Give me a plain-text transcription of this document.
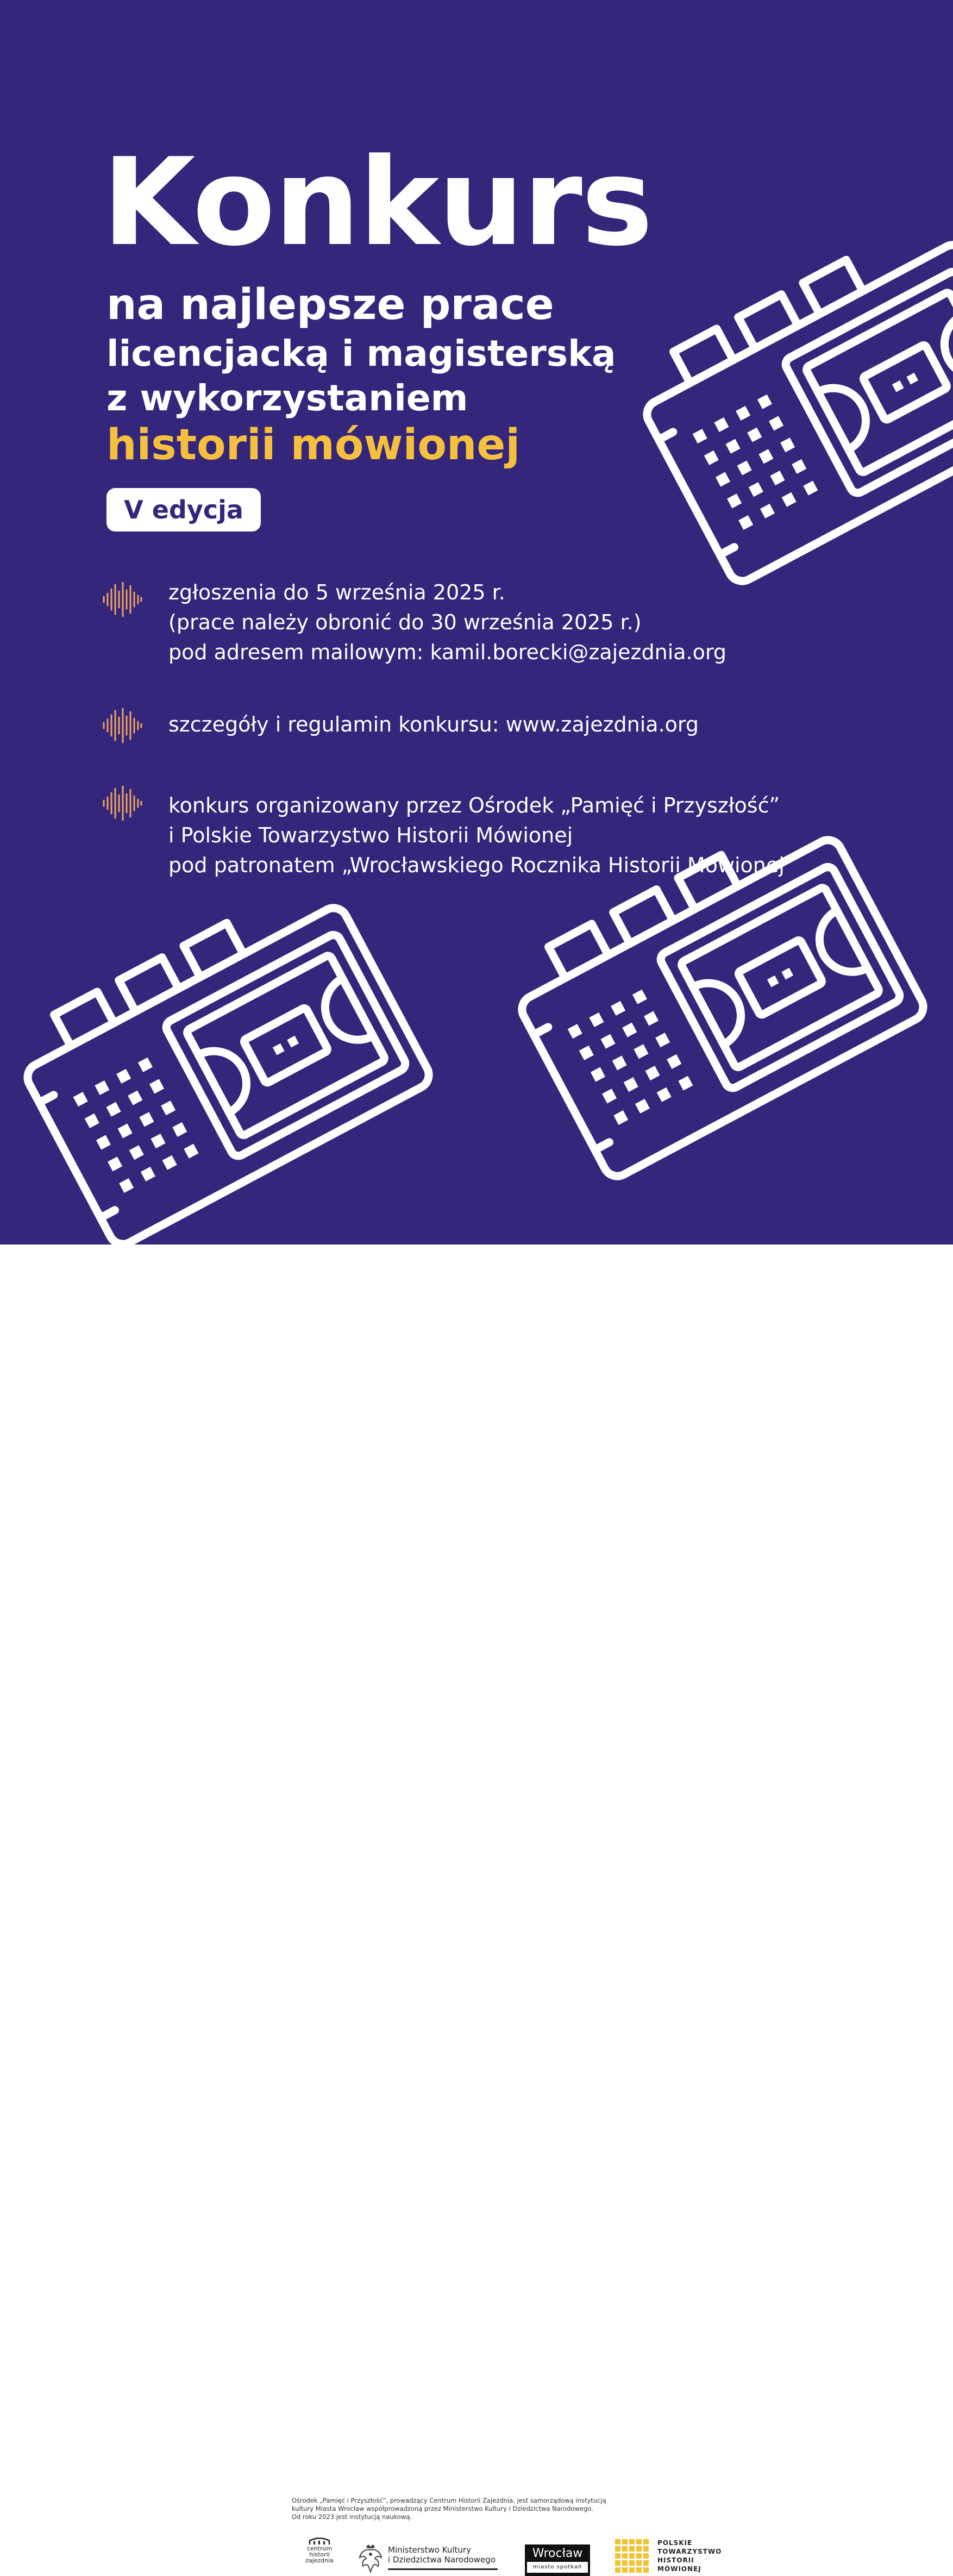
Konkurs
na najlepsze prace
licencjacką i magisterską
z wykorzystaniem
historii mówionej
V edycja
zgłoszenia do 5 września 2025 r.
(prace należy obronić do 30 września 2025 r.)
pod adresem mailowym: kamil.borecki@zajezdnia.org
szczegóły i regulamin konkursu: www.zajezdnia.org
konkurs organizowany przez Ośrodek „Pamięć i Przyszłość”
i Polskie Towarzystwo Historii Mówionej
pod patronatem „Wrocławskiego Rocznika Historii Mówionej”
Ośrodek „Pamięć i Przyszłość”, prowadzący Centrum Historii Zajezdnia, jest samorządową instytucją
kultury Miasta Wrocław współprowadzoną przez Ministerstwo Kultury i Dziedzictwa Narodowego.
Od roku 2023 jest instytucją naukową.
centrum
historii
zajezdnia
Ministerstwo Kultury
i Dziedzictwa Narodowego	Wrocław
miasto spotkań
POLSKIE
TOWARZYSTWO
HISTORII
MÓWIONEJ
